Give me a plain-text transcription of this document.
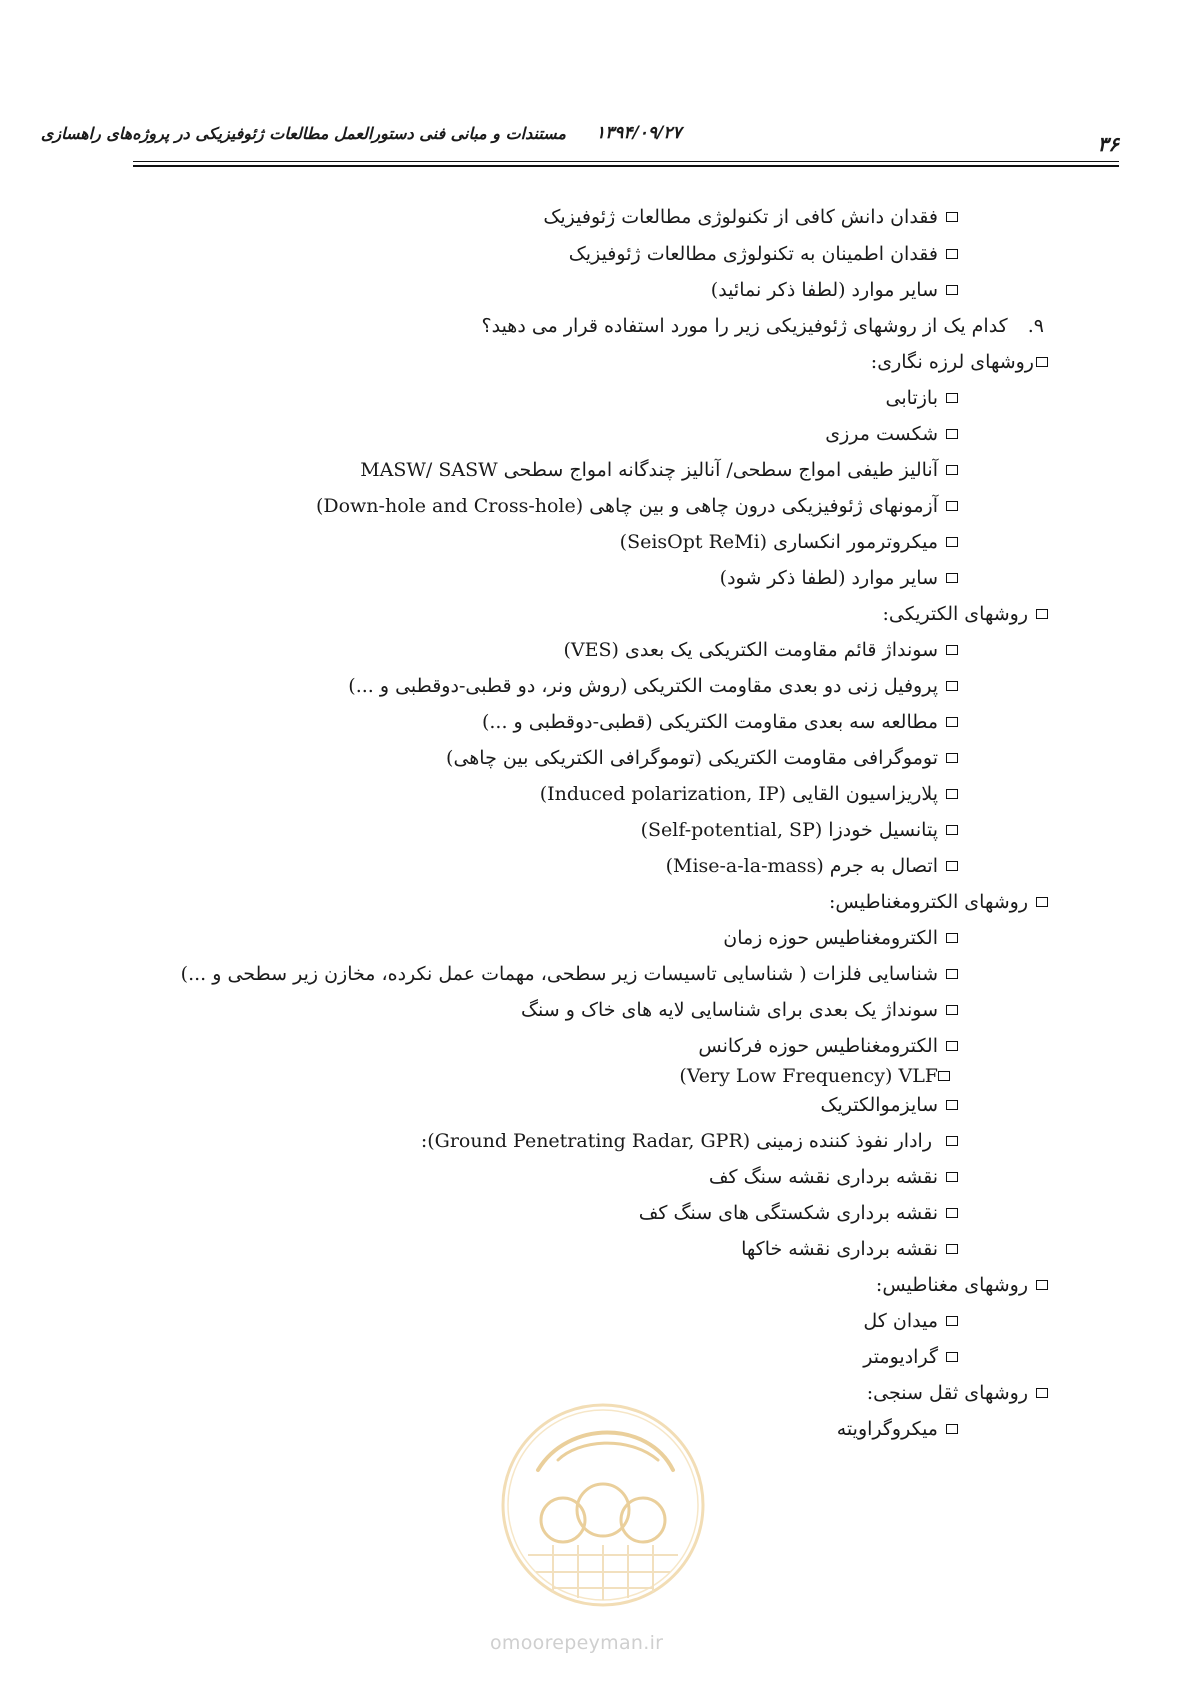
۳۶
مستندات و مبانی فنی دستورالعمل مطالعات ژئوفیزیکی در پروژه‌های راهسازی ۱۳۹۴/۰۹/۲۷
فقدان دانش کافی از تکنولوژی مطالعات ژئوفیزیک
فقدان اطمینان به تکنولوژی مطالعات ژئوفیزیک
سایر موارد (لطفا ذکر نمائید)
۹.
کدام یک از روشهای ژئوفیزیکی زیر را مورد استفاده قرار می دهید؟
روشهای لرزه نگاری:
بازتابی
شکست مرزی
آنالیز طیفی امواج سطحی/ آنالیز چندگانه امواج سطحی MASW/ SASW
آزمونهای ژئوفیزیکی درون چاهی و بین چاهی (Down-hole and Cross-hole)
میکروترمور انکساری (SeisOpt ReMi)
سایر موارد (لطفا ذکر شود)
روشهای الکتریکی:
سونداژ قائم مقاومت الکتریکی یک بعدی (VES)
پروفیل زنی دو بعدی مقاومت الکتریکی (روش ونر، دو قطبی-دوقطبی و ...)
مطالعه سه بعدی مقاومت الکتریکی (قطبی-دوقطبی و ...)
توموگرافی مقاومت الکتریکی (توموگرافی الکتریکی بین چاهی)
پلاریزاسیون القایی (Induced polarization, IP)
پتانسیل خودزا (Self-potential, SP)
اتصال به جرم (Mise-a-la-mass)
روشهای الکترومغناطیس:
الکترومغناطیس حوزه زمان
شناسایی فلزات ( شناسایی تاسیسات زیر سطحی، مهمات عمل نکرده، مخازن زیر سطحی و ...)
سونداژ یک بعدی برای شناسایی لایه های خاک و سنگ
الکترومغناطیس حوزه فرکانس
(Very Low Frequency) VLF
سایزموالکتریک
رادار نفوذ کننده زمینی (Ground Penetrating Radar, GPR):
نقشه برداری نقشه سنگ کف
نقشه برداری شکستگی های سنگ کف
نقشه برداری نقشه خاکها
روشهای مغناطیس:
میدان کل
گرادیومتر
روشهای ثقل سنجی:
میکروگراویته
omoorepeyman.ir
